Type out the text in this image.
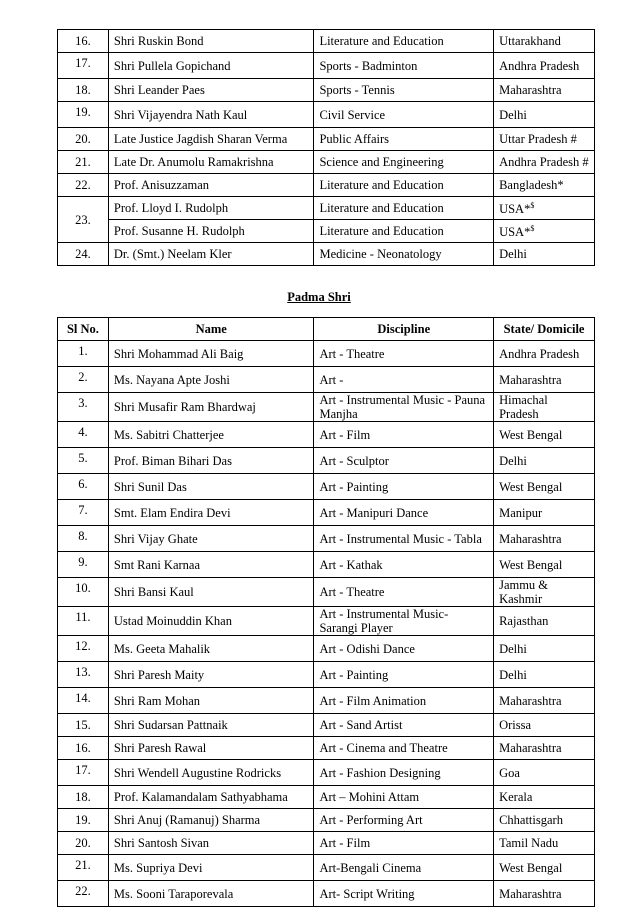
16.	Shri Ruskin Bond	Literature and Education	Uttarakhand
17.	Shri Pullela Gopichand	Sports - Badminton	Andhra Pradesh
18.	Shri Leander Paes	Sports - Tennis	Maharashtra
19.	Shri Vijayendra Nath Kaul	Civil Service	Delhi
20.	Late Justice Jagdish Sharan Verma	Public Affairs	Uttar Pradesh #
21.	Late Dr. Anumolu Ramakrishna	Science and Engineering	Andhra Pradesh #
22.	Prof. Anisuzzaman	Literature and Education	Bangladesh*
23.	Prof. Lloyd I. Rudolph	Literature and Education	USA*$
	Prof. Susanne H. Rudolph	Literature and Education	USA*$
24.	Dr. (Smt.) Neelam Kler	Medicine - Neonatology	Delhi
Padma Shri
Sl No.	Name	Discipline	State/ Domicile
1.	Shri Mohammad Ali Baig	Art - Theatre	Andhra Pradesh
2.	Ms. Nayana Apte Joshi	Art -	Maharashtra
3.	Shri Musafir Ram Bhardwaj	Art - Instrumental Music - Pauna Manjha	Himachal Pradesh
4.	Ms. Sabitri Chatterjee	Art - Film	West Bengal
5.	Prof. Biman Bihari Das	Art - Sculptor	Delhi
6.	Shri Sunil Das	Art - Painting	West Bengal
7.	Smt. Elam Endira Devi	Art - Manipuri Dance	Manipur
8.	Shri Vijay Ghate	Art - Instrumental Music - Tabla	Maharashtra
9.	Smt Rani Karnaa	Art - Kathak	West Bengal
10.	Shri Bansi Kaul	Art - Theatre	Jammu & Kashmir
11.	Ustad Moinuddin Khan	Art - Instrumental Music- Sarangi Player	Rajasthan
12.	Ms. Geeta Mahalik	Art - Odishi Dance	Delhi
13.	Shri Paresh Maity	Art - Painting	Delhi
14.	Shri Ram Mohan	Art - Film Animation	Maharashtra
15.	Shri Sudarsan Pattnaik	Art - Sand Artist	Orissa
16.	Shri Paresh Rawal	Art - Cinema and Theatre	Maharashtra
17.	Shri Wendell Augustine Rodricks	Art - Fashion Designing	Goa
18.	Prof. Kalamandalam Sathyabhama	Art – Mohini Attam	Kerala
19.	Shri Anuj (Ramanuj) Sharma	Art - Performing Art	Chhattisgarh
20.	Shri Santosh Sivan	Art - Film	Tamil Nadu
21.	Ms. Supriya Devi	Art-Bengali Cinema	West Bengal
22.	Ms. Sooni Taraporevala	Art- Script Writing	Maharashtra
